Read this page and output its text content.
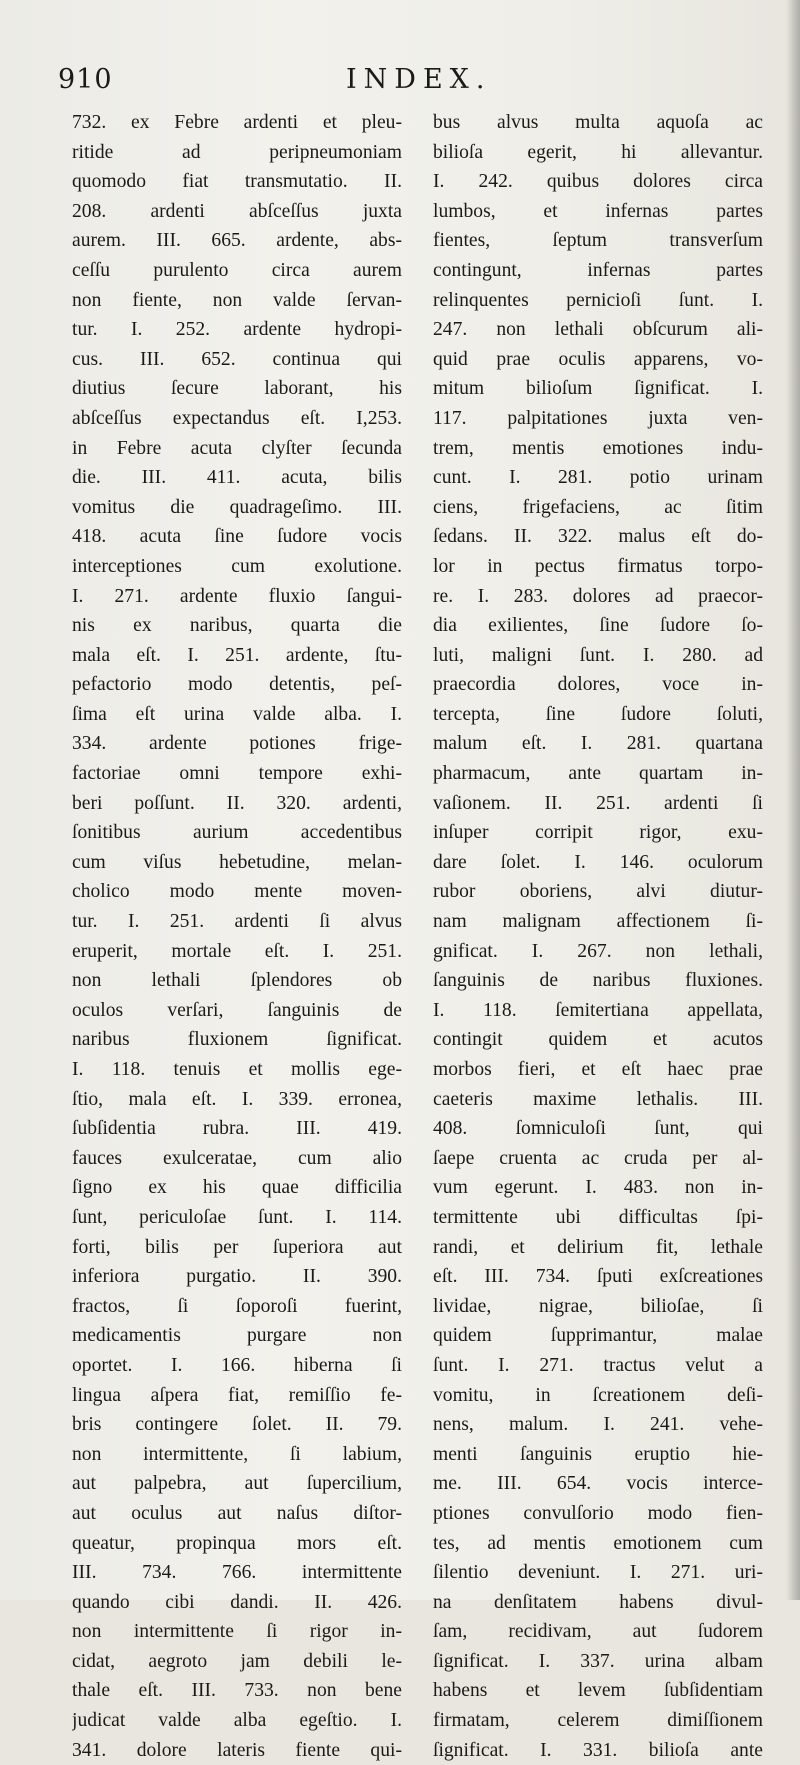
910	INDEX.
732. ex Febre ardenti et pleu-
ritide ad peripneumoniam
quomodo fiat transmutatio. II.
208. ardenti abſceſſus juxta
aurem. III. 665. ardente, abs-
ceſſu purulento circa aurem
non fiente, non valde ſervan-
tur. I. 252. ardente hydropi-
cus. III. 652. continua qui
diutius ſecure laborant, his
abſceſſus expectandus eſt. I,253.
in Febre acuta clyſter ſecunda
die. III. 411. acuta, bilis
vomitus die quadrageſimo. III.
418. acuta ſine ſudore vocis
interceptiones cum exolutione.
I. 271. ardente fluxio ſangui-
nis ex naribus, quarta die
mala eſt. I. 251. ardente, ſtu-
pefactorio modo detentis, peſ-
ſima eſt urina valde alba. I.
334. ardente potiones frige-
factoriae omni tempore exhi-
beri poſſunt. II. 320. ardenti,
ſonitibus aurium accedentibus
cum viſus hebetudine, melan-
cholico modo mente moven-
tur. I. 251. ardenti ſi alvus
eruperit, mortale eſt. I. 251.
non lethali ſplendores ob
oculos verſari, ſanguinis de
naribus fluxionem ſignificat.
I. 118. tenuis et mollis ege-
ſtio, mala eſt. I. 339. erronea,
ſubſidentia rubra. III. 419.
fauces exulceratae, cum alio
ſigno ex his quae difficilia
ſunt, periculoſae ſunt. I. 114.
forti, bilis per ſuperiora aut
inferiora purgatio. II. 390.
fractos, ſi ſoporoſi fuerint,
medicamentis purgare non
oportet. I. 166. hiberna ſi
lingua aſpera fiat, remiſſio fe-
bris contingere ſolet. II. 79.
non intermittente, ſi labium,
aut palpebra, aut ſupercilium,
aut oculus aut naſus diſtor-
queatur, propinqua mors eſt.
III. 734. 766. intermittente
quando cibi dandi. II. 426.
non intermittente ſi rigor in-
cidat, aegroto jam debili le-
thale eſt. III. 733. non bene
judicat valde alba egeſtio. I.
341. dolore lateris fiente qui-
bus alvus multa aquoſa ac
bilioſa egerit, hi allevantur.
I. 242. quibus dolores circa
lumbos, et infernas partes
fientes, ſeptum transverſum
contingunt, infernas partes
relinquentes pernicioſi ſunt. I.
247. non lethali obſcurum ali-
quid prae oculis apparens, vo-
mitum bilioſum ſignificat. I.
117. palpitationes juxta ven-
trem, mentis emotiones indu-
cunt. I. 281. potio urinam
ciens, frigefaciens, ac ſitim
ſedans. II. 322. malus eſt do-
lor in pectus firmatus torpo-
re. I. 283. dolores ad praecor-
dia exilientes, ſine ſudore ſo-
luti, maligni ſunt. I. 280. ad
praecordia dolores, voce in-
tercepta, ſine ſudore ſoluti,
malum eſt. I. 281. quartana
pharmacum, ante quartam in-
vaſionem. II. 251. ardenti ſi
inſuper corripit rigor, exu-
dare ſolet. I. 146. oculorum
rubor oboriens, alvi diutur-
nam malignam affectionem ſi-
gnificat. I. 267. non lethali,
ſanguinis de naribus fluxiones.
I. 118. ſemitertiana appellata,
contingit quidem et acutos
morbos fieri, et eſt haec prae
caeteris maxime lethalis. III.
408. ſomniculoſi ſunt, qui
ſaepe cruenta ac cruda per al-
vum egerunt. I. 483. non in-
termittente ubi difficultas ſpi-
randi, et delirium fit, lethale
eſt. III. 734. ſputi exſcreationes
lividae, nigrae, bilioſae, ſi
quidem ſupprimantur, malae
ſunt. I. 271. tractus velut a
vomitu, in ſcreationem deſi-
nens, malum. I. 241. vehe-
menti ſanguinis eruptio hie-
me. III. 654. vocis interce-
ptiones convulſorio modo fien-
tes, ad mentis emotionem cum
ſilentio deveniunt. I. 271. uri-
na denſitatem habens divul-
ſam, recidivam, aut ſudorem
ſignificat. I. 337. urina albam
habens et levem ſubſidentiam
firmatam, celerem dimiſſionem
ſignificat. I. 331. bilioſa ante
